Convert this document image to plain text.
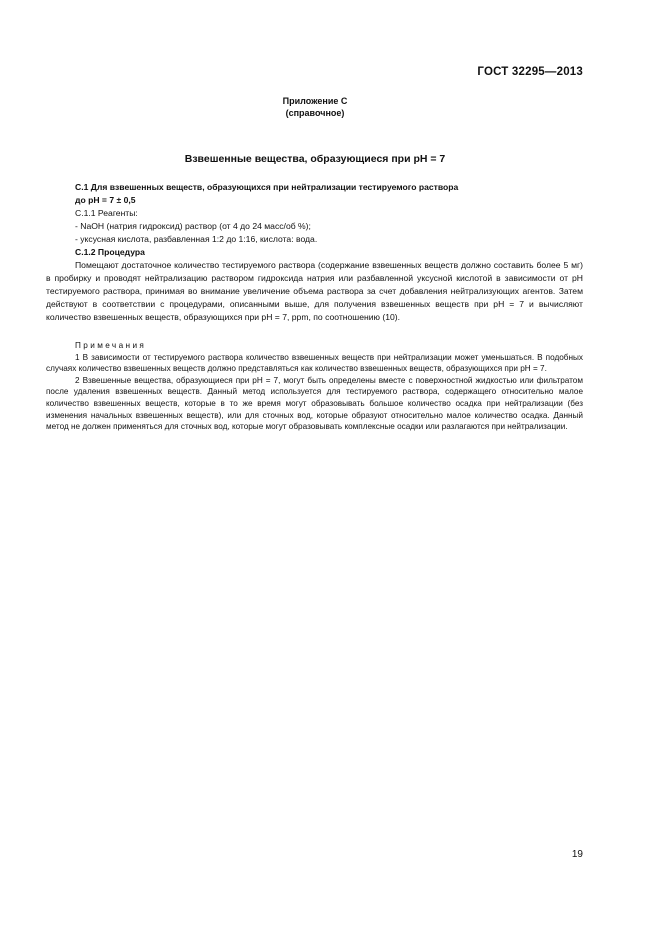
ГОСТ 32295—2013
Приложение С
(справочное)
Взвешенные вещества, образующиеся при pH = 7

С.1 Для взвешенных веществ, образующихся при нейтрализации тестируемого раствора

до pH = 7 ± 0,5

С.1.1 Реагенты:

- NaOH (натрия гидроксид) раствор (от 4 до 24 масс/об %);

- уксусная кислота, разбавленная 1:2 до 1:16, кислота: вода.

С.1.2 Процедура

Помещают достаточное количество тестируемого раствора (содержание взвешенных веществ должно составить более 5 мг) в пробирку и проводят нейтрализацию раствором гидроксида натрия или разбавленной уксусной кислотой в зависимости от pH тестируемого раствора, принимая во внимание увеличение объема раствора за счет добавления нейтрализующих агентов. Затем действуют в соответствии с процедурами, описанными выше, для получения взвешенных веществ при pH = 7 и вычисляют количество взвешенных веществ, образующихся при pH = 7, ppm, по соотношению (10).

Примечания

1 В зависимости от тестируемого раствора количество взвешенных веществ при нейтрализации может уменьшаться. В подобных случаях количество взвешенных веществ должно представляться как количество взвешенных веществ, образующихся при pH = 7.

2 Взвешенные вещества, образующиеся при pH = 7, могут быть определены вместе с поверхностной жидкостью или фильтратом после удаления взвешенных веществ. Данный метод используется для тестируемого раствора, содержащего относительно малое количество взвешенных веществ, которые в то же время могут образовывать большое количество осадка при нейтрализации (без изменения начальных взвешенных веществ), или для сточных вод, которые образуют относительно малое количество осадка. Данный метод не должен применяться для сточных вод, которые могут образовывать комплексные осадки или разлагаются при нейтрализации.

19
